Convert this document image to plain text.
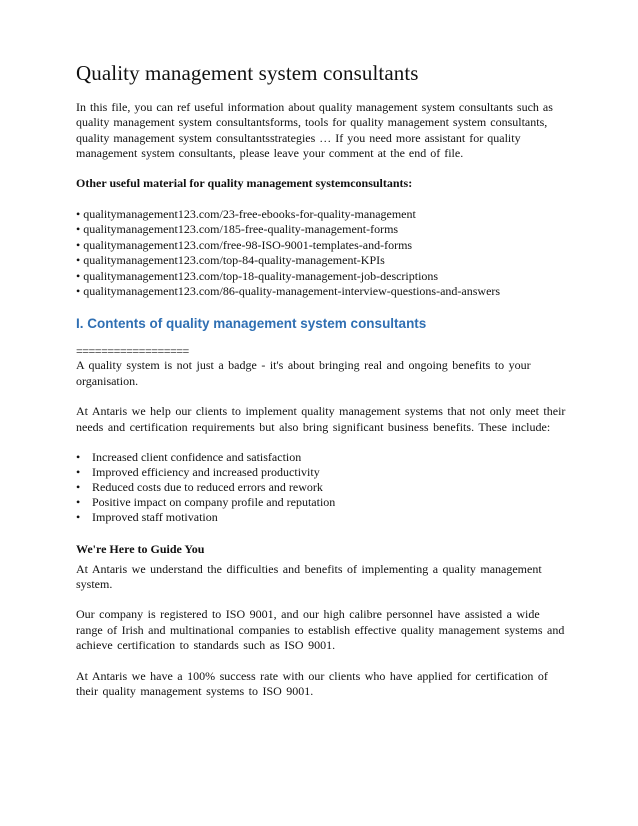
Quality management system consultants

In this file, you can ref useful information about quality management system consultants such as quality management system consultantsforms, tools for quality management system consultants, quality management system consultantsstrategies … If you need more assistant for quality management system consultants, please leave your comment at the end of file.

Other useful material for quality management systemconsultants:

• qualitymanagement123.com/23-free-ebooks-for-quality-management
• qualitymanagement123.com/185-free-quality-management-forms
• qualitymanagement123.com/free-98-ISO-9001-templates-and-forms
• qualitymanagement123.com/top-84-quality-management-KPIs
• qualitymanagement123.com/top-18-quality-management-job-descriptions
• qualitymanagement123.com/86-quality-management-interview-questions-and-answers
I. Contents of quality management system consultants

==================

A quality system is not just a badge - it's about bringing real and ongoing benefits to your organisation.

At Antaris we help our clients to implement quality management systems that not only meet their needs and certification requirements but also bring significant business benefits. These include:

• Increased client confidence and satisfaction
• Improved efficiency and increased productivity
• Reduced costs due to reduced errors and rework
• Positive impact on company profile and reputation
• Improved staff motivation

We're Here to Guide You

At Antaris we understand the difficulties and benefits of implementing a quality management system.

Our company is registered to ISO 9001, and our high calibre personnel have assisted a wide range of Irish and multinational companies to establish effective quality management systems and achieve certification to standards such as ISO 9001.

At Antaris we have a 100% success rate with our clients who have applied for certification of their quality management systems to ISO 9001.
